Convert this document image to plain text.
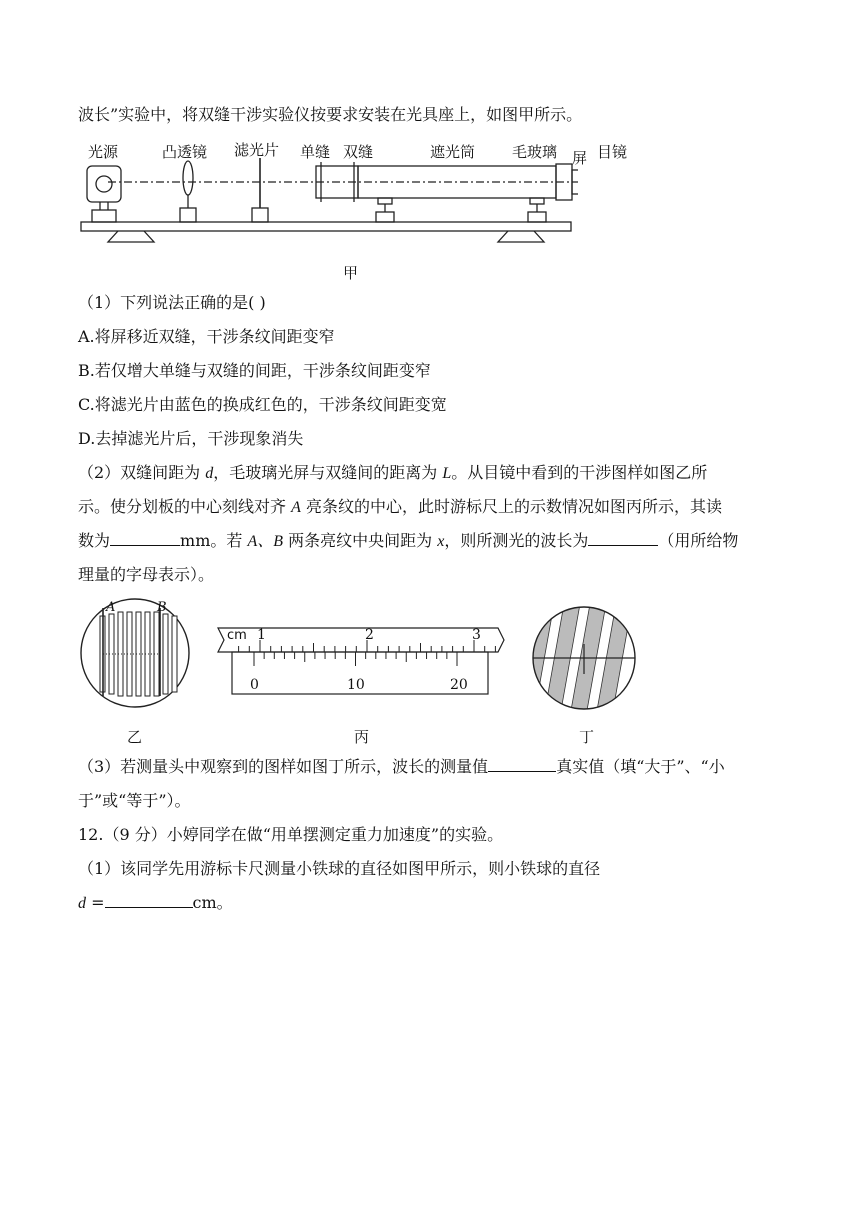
波长”实验中，将双缝干涉实验仪按要求安装在光具座上，如图甲所示。
光源	凸透镜 滤光片 单缝 双缝	遮光筒 毛玻璃 屏 目镜
甲
（1）下列说法正确的是( )
A.将屏移近双缝，干涉条纹间距变窄
B.若仅增大单缝与双缝的间距，干涉条纹间距变窄
C.将滤光片由蓝色的换成红色的，干涉条纹间距变宽
D.去掉滤光片后，干涉现象消失
（2）双缝间距为 d，毛玻璃光屏与双缝间的距离为 L。从目镜中看到的干涉图样如图乙所
示。使分划板的中心刻线对齐 A 亮条纹的中心，此时游标尺上的示数情况如图丙所示，其读
数为	mm。若 A、B 两条亮纹中央间距为 x，则所测光的波长为	（用所给物
理量的字母表示）。
A	B
乙
cm 1	2	3
0	10	20
丙	丁
（3）若测量头中观察到的图样如图丁所示，波长的测量值	真实值（填“大于”、“小
于”或“等于”）。
12.（9 分）小婷同学在做“用单摆测定重力加速度”的实验。
（1）该同学先用游标卡尺测量小铁球的直径如图甲所示，则小铁球的直径
d =	cm。
